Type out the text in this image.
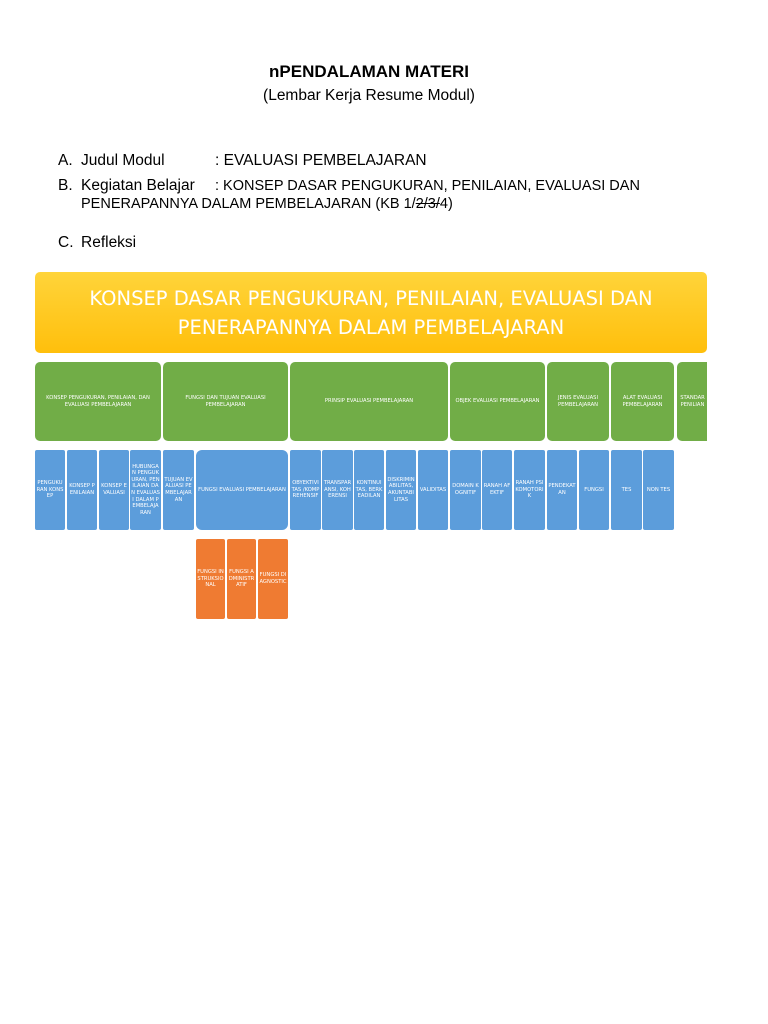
nPENDALAMAN MATERI
(Lembar Kerja Resume Modul)
A. Judul Modul	: EVALUASI PEMBELAJARAN
B. Kegiatan Belajar : KONSEP DASAR PENGUKURAN, PENILAIAN, EVALUASI DAN
PENERAPANNYA DALAM PEMBELAJARAN (KB 1/2/3/4)
C. Refleksi
KONSEP DASAR PENGUKURAN, PENILAIAN, EVALUASI DAN
PENERAPANNYA DALAM PEMBELAJARAN
KONSEP PENGUKURAN, PENILAIAN, DAN EVALUASI PEMBELAJARAN
FUNGSI DAN TUJUAN EVALUASI PEMBELAJARAN
PRINSIP EVALUASI PEMBELAJARAN	OBJEK EVALUASI PEMBELAJARAN
JENIS EVALUASI PEMBELAJARAN
ALAT EVALUASI PEMBELAJARAN
STANDAR PENILIAN
PENGUKURAN KONSEP
KONSEP PENILAIAN
KONSEP EVALUASI
HUBUNGAN PENGUKURAN, PENILAIAN DAN EVALUASI DALAM PEMBELAJARAN
TUJUAN EVALUASI PEMBELAJARAN
FUNGSI EVALUASI PEMBELAJARAN
OBYEKTIVITAS /KOMPREHENSIF
TRANSPARANSI, KOHERENSI
KONTINUITAS, BERKEADILAN
DISKRIMINABILITAS, AKUNTABILITAS
VALIDITAS
DOMAIN KOGNITIF
RANAH AFEKTIF
RANAH PSIKOMOTORIK
PENDEKATAN
FUNGSI	TES	NON TES
FUNGSI INSTRUKSIONAL
FUNGSI ADMINISTRATIF
FUNGSI DIAGNOSTIC
